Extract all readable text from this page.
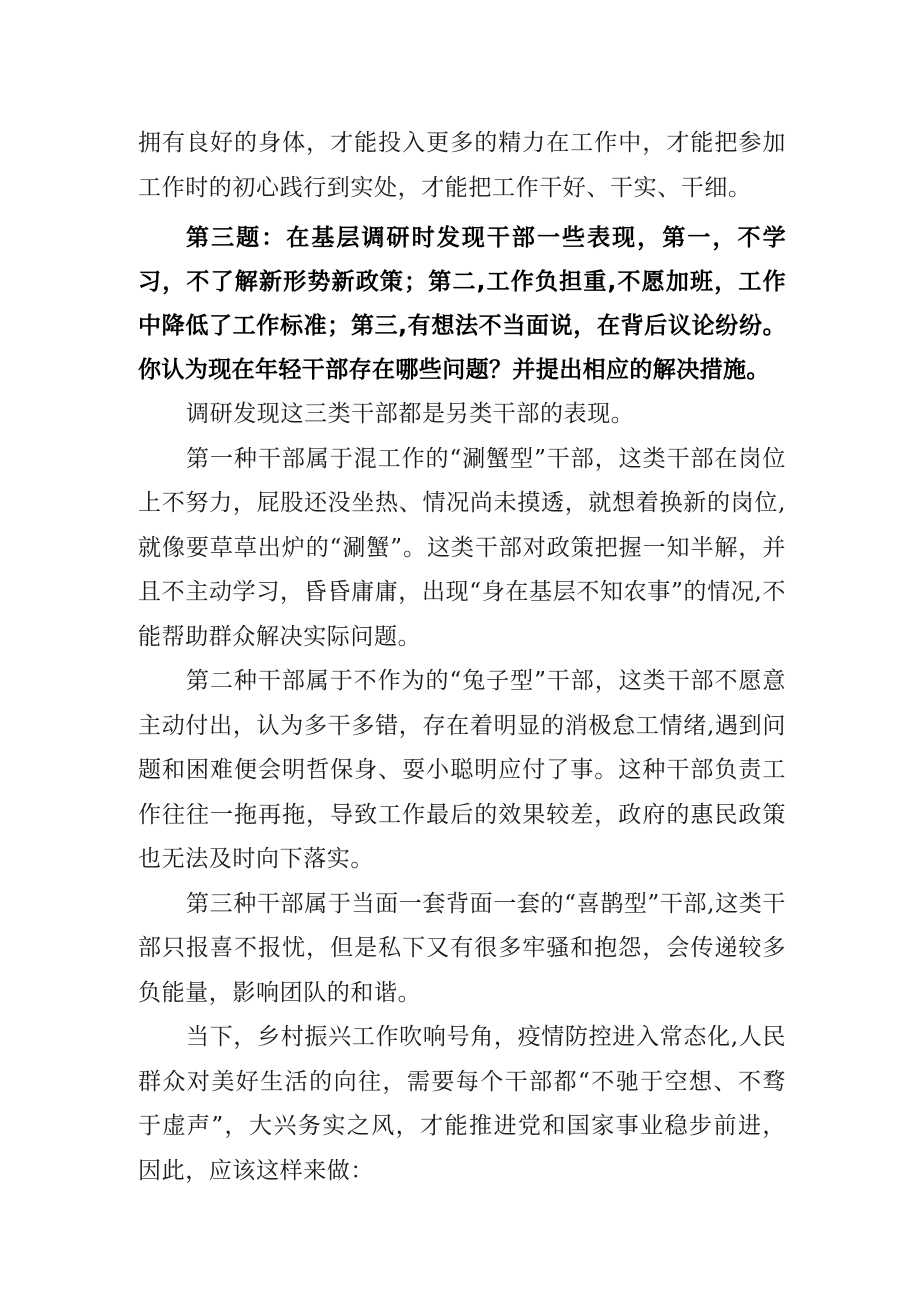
拥有良好的身体，才能投入更多的精力在工作中，才能把参加工作时的初心践行到实处，才能把工作干好、干实、干细。

第三题：在基层调研时发现干部一些表现，第一，不学习，不了解新形势新政策；第二,工作负担重,不愿加班，工作中降低了工作标准；第三,有想法不当面说，在背后议论纷纷。你认为现在年轻干部存在哪些问题？并提出相应的解决措施。

调研发现这三类干部都是另类干部的表现。

第一种干部属于混工作的“涮蟹型”干部，这类干部在岗位上不努力，屁股还没坐热、情况尚未摸透，就想着换新的岗位,就像要草草出炉的“涮蟹”。这类干部对政策把握一知半解，并且不主动学习，昏昏庸庸，出现“身在基层不知农事”的情况,不能帮助群众解决实际问题。

第二种干部属于不作为的“兔子型”干部，这类干部不愿意主动付出，认为多干多错，存在着明显的消极怠工情绪,遇到问题和困难便会明哲保身、耍小聪明应付了事。这种干部负责工作往往一拖再拖，导致工作最后的效果较差，政府的惠民政策也无法及时向下落实。

第三种干部属于当面一套背面一套的“喜鹊型”干部,这类干部只报喜不报忧，但是私下又有很多牢骚和抱怨，会传递较多负能量，影响团队的和谐。

当下，乡村振兴工作吹响号角，疫情防控进入常态化,人民群众对美好生活的向往，需要每个干部都“不驰于空想、不骛于虚声”，大兴务实之风，才能推进党和国家事业稳步前进，因此，应该这样来做：
